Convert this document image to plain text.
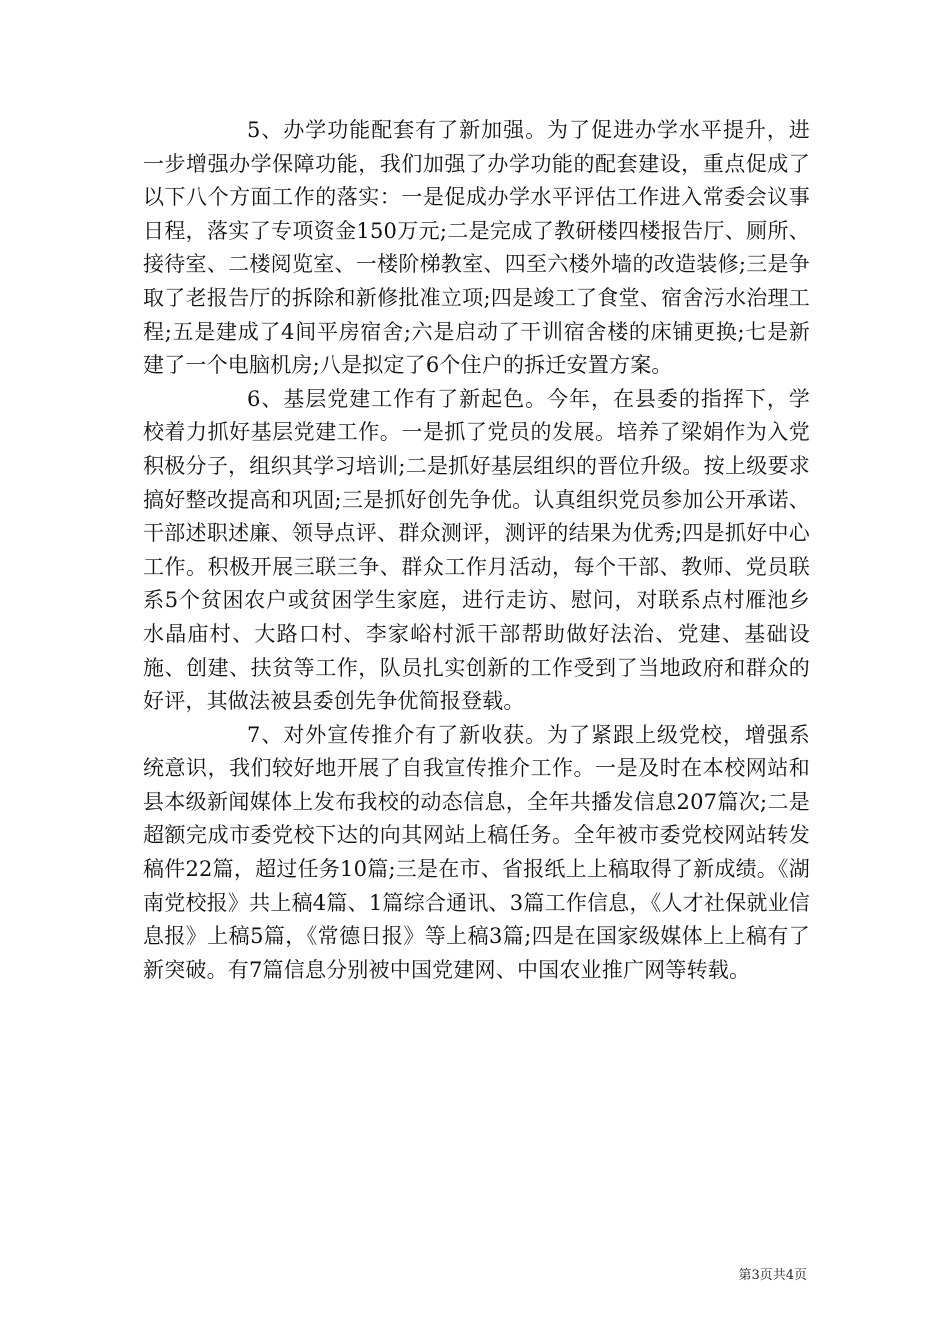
5、办学功能配套有了新加强。为了促进办学水平提升，进一步增强办学保障功能，我们加强了办学功能的配套建设，重点促成了以下八个方面工作的落实：一是促成办学水平评估工作进入常委会议事日程，落实了专项资金150万元;二是完成了教研楼四楼报告厅、厕所、接待室、二楼阅览室、一楼阶梯教室、四至六楼外墙的改造装修;三是争取了老报告厅的拆除和新修批准立项;四是竣工了食堂、宿舍污水治理工程;五是建成了4间平房宿舍;六是启动了干训宿舍楼的床铺更换;七是新建了一个电脑机房;八是拟定了6个住户的拆迁安置方案。

6、基层党建工作有了新起色。今年，在县委的指挥下，学校着力抓好基层党建工作。一是抓了党员的发展。培养了梁娟作为入党积极分子，组织其学习培训;二是抓好基层组织的晋位升级。按上级要求搞好整改提高和巩固;三是抓好创先争优。认真组织党员参加公开承诺、干部述职述廉、领导点评、群众测评，测评的结果为优秀;四是抓好中心工作。积极开展三联三争、群众工作月活动，每个干部、教师、党员联系5个贫困农户或贫困学生家庭，进行走访、慰问，对联系点村雁池乡水晶庙村、大路口村、李家峪村派干部帮助做好法治、党建、基础设施、创建、扶贫等工作，队员扎实创新的工作受到了当地政府和群众的好评，其做法被县委创先争优简报登载。

7、对外宣传推介有了新收获。为了紧跟上级党校，增强系统意识，我们较好地开展了自我宣传推介工作。一是及时在本校网站和县本级新闻媒体上发布我校的动态信息，全年共播发信息207篇次;二是超额完成市委党校下达的向其网站上稿任务。全年被市委党校网站转发稿件22篇，超过任务10篇;三是在市、省报纸上上稿取得了新成绩。《湖南党校报》共上稿4篇、1篇综合通讯、3篇工作信息，《人才社保就业信息报》上稿5篇，《常德日报》等上稿3篇;四是在国家级媒体上上稿有了新突破。有7篇信息分别被中国党建网、中国农业推广网等转载。

第3页共4页
